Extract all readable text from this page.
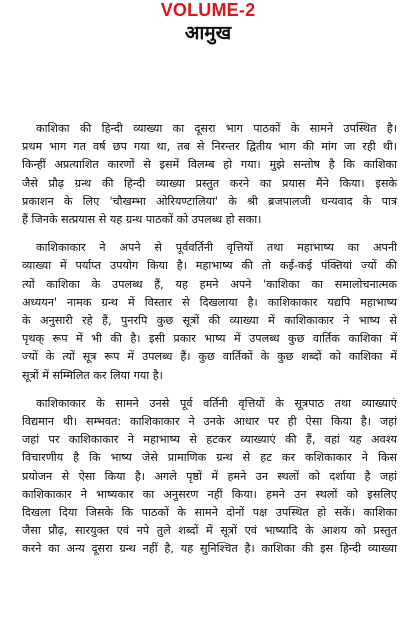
VOLUME-2
आमुख

काशिका की हिन्दी व्याख्या का दूसरा भाग पाठकों के सामने उपस्थित है।
प्रथम भाग गत वर्ष छप गया था, तब से निरन्तर द्वितीय भाग की मांग जा रही थी।
किन्हीं अप्रत्याशित कारणों से इसमें विलम्ब हो गया। मुझे सन्तोष है कि काशिका
जैसे प्रौढ़ ग्रन्थ की हिन्दी व्याख्या प्रस्तुत करने का प्रयास मैंने किया। इसके
प्रकाशन के लिए 'चौखम्भा ओरियण्टालिया' के श्री ब्रजपालजी धन्यवाद के पात्र
हैं जिनके सत्प्रयास से यह ग्रन्थ पाठकों को उपलब्ध हो सका।

काशिकाकार ने अपने से पूर्ववर्तिनी वृत्तियों तथा महाभाष्य का अपनी
व्याख्या में पर्याप्त उपयोग किया है। महाभाष्य की तो कई-कई पंक्तियां ज्यों की
त्यों काशिका के उपलब्ध हैं, यह हमने अपने 'काशिका का समालोचनात्मक
अध्ययन' नामक ग्रन्थ में विस्तार से दिखलाया है। काशिकाकार यद्यपि महाभाष्य
के अनुसारी रहे हैं, पुनरपि कुछ सूत्रों की व्याख्या में काशिकाकार ने भाष्य से
पृथक् रूप में भी की है। इसी प्रकार भाष्य में उपलब्ध कुछ वार्तिक काशिका में
ज्यों के त्यों सूत्र रूप में उपलब्ध हैं। कुछ वार्तिकों के कुछ शब्दों को काशिका में
सूत्रों में सम्मिलित कर लिया गया है।

काशिकाकार के सामने उनसे पूर्व वर्तिनी वृत्तियों के सूत्रपाठ तथा व्याख्याएं
विद्यमान थी। सम्भवत: काशिकाकार ने उनके आधार पर ही ऐसा किया है। जहां
जहां पर काशिकाकार ने महाभाष्य से हटकर व्याख्याएं की हैं, वहां यह अवश्य
विचारणीय है कि भाष्य जेसे प्रामाणिक ग्रन्थ से हट कर कशिकाकार ने किस
प्रयोजन से ऐसा किया है। अगले पृष्ठों में हमने उन स्थलों को दर्शाया है जहां
काशिकाकार ने भाष्यकार का अनुसरण नहीं किया। हमने उन स्थलों को इसलिए
दिखला दिया जिसके कि पाठकों के सामने दोनों पक्ष उपस्थित हो सकें। काशिका
जैसा प्रौढ़, सारयुक्त एवं नपे तुले शब्दों में सूत्रों एवं भाष्यादि के आशय को प्रस्तुत
करने का अन्य दूसरा ग्रन्थ नहीं है, यह सुनिश्चित है। काशिका की इस हिन्दी व्याख्या
